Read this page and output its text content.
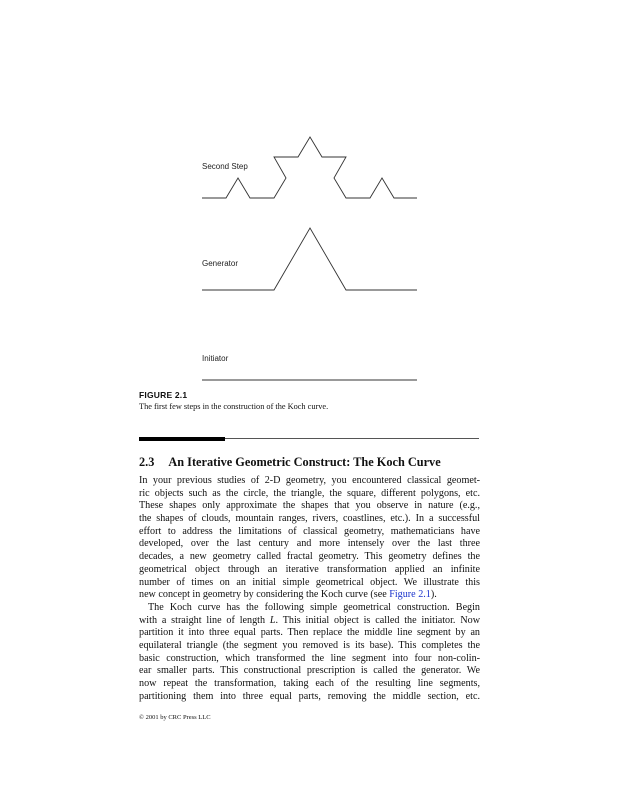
Second Step
Generator
Initiator
FIGURE 2.1
The first few steps in the construction of the Koch curve.
2.3 An Iterative Geometric Construct: The Koch Curve
In your previous studies of 2-D geometry, you encountered classical geomet-
ric objects such as the circle, the triangle, the square, different polygons, etc.
These shapes only approximate the shapes that you observe in nature (e.g.,
the shapes of clouds, mountain ranges, rivers, coastlines, etc.). In a successful
effort to address the limitations of classical geometry, mathematicians have
developed, over the last century and more intensely over the last three
decades, a new geometry called fractal geometry. This geometry defines the
geometrical object through an iterative transformation applied an infinite
number of times on an initial simple geometrical object. We illustrate this
new concept in geometry by considering the Koch curve (see Figure 2.1).
The Koch curve has the following simple geometrical construction. Begin
with a straight line of length L. This initial object is called the initiator. Now
partition it into three equal parts. Then replace the middle line segment by an
equilateral triangle (the segment you removed is its base). This completes the
basic construction, which transformed the line segment into four non-colin-
ear smaller parts. This constructional prescription is called the generator. We
now repeat the transformation, taking each of the resulting line segments,
partitioning them into three equal parts, removing the middle section, etc.
© 2001 by CRC Press LLC
